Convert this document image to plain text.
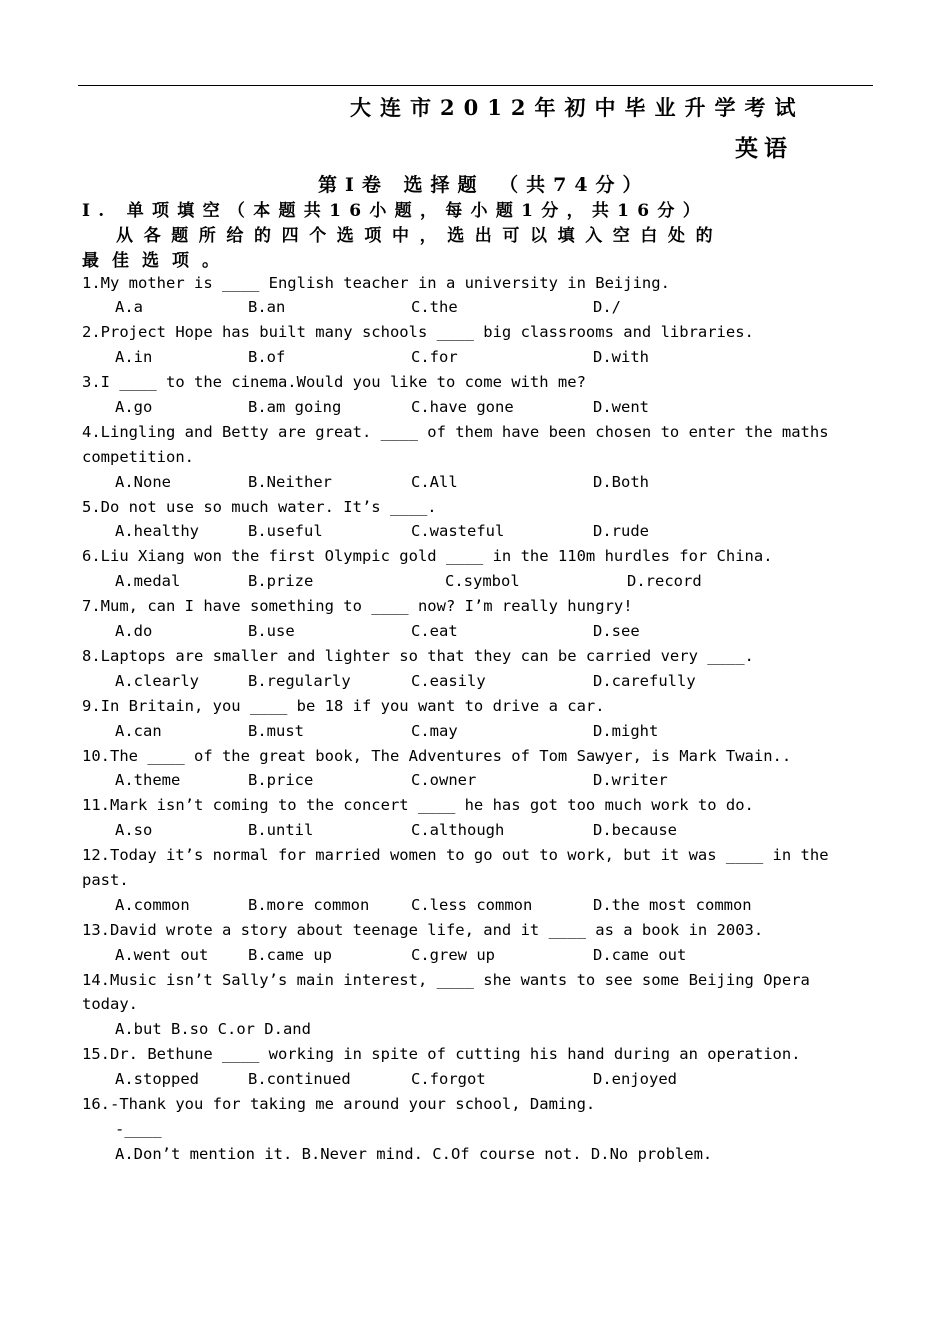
大连市2012年初中毕业升学考试
英语
第I卷 选择题 （共74分）
I. 单项填空（本题共16小题，每小题1分，共16分）
从各题所给的四个选项中，选出可以填入空白处的
最佳选项。
1.My mother is ____ English teacher in a university in Beijing.
A.a	B.an	C.the	D./
2.Project Hope has built many schools ____ big classrooms and libraries.
A.in	B.of	C.for	D.with
3.I ____ to the cinema.Would you like to come with me?
A.go	B.am going	C.have gone	D.went
4.Lingling and Betty are great. ____ of them have been chosen to enter the maths
competition.
A.None	B.Neither	C.All	D.Both
5.Do not use so much water. It’s ____.
A.healthy	B.useful	C.wasteful	D.rude
6.Liu Xiang won the first Olympic gold ____ in the 110m hurdles for China.
A.medal	B.prize	C.symbol	D.record
7.Mum, can I have something to ____ now? I’m really hungry!
A.do	B.use	C.eat	D.see
8.Laptops are smaller and lighter so that they can be carried very ____.
A.clearly	B.regularly	C.easily	D.carefully
9.In Britain, you ____ be 18 if you want to drive a car.
A.can	B.must	C.may	D.might
10.The ____ of the great book, The Adventures of Tom Sawyer, is Mark Twain..
A.theme	B.price	C.owner	D.writer
11.Mark isn’t coming to the concert ____ he has got too much work to do.
A.so	B.until	C.although	D.because
12.Today it’s normal for married women to go out to work, but it was ____ in the
past.
A.common	B.more common	C.less common	D.the most common
13.David wrote a story about teenage life, and it ____ as a book in 2003.
A.went out	B.came up	C.grew up	D.came out
14.Music isn’t Sally’s main interest, ____ she wants to see some Beijing Opera
today.
A.but B.so C.or D.and
15.Dr. Bethune ____ working in spite of cutting his hand during an operation.
A.stopped	B.continued	C.forgot	D.enjoyed
16.-Thank you for taking me around your school, Daming.
-____
A.Don’t mention it. B.Never mind. C.Of course not. D.No problem.
